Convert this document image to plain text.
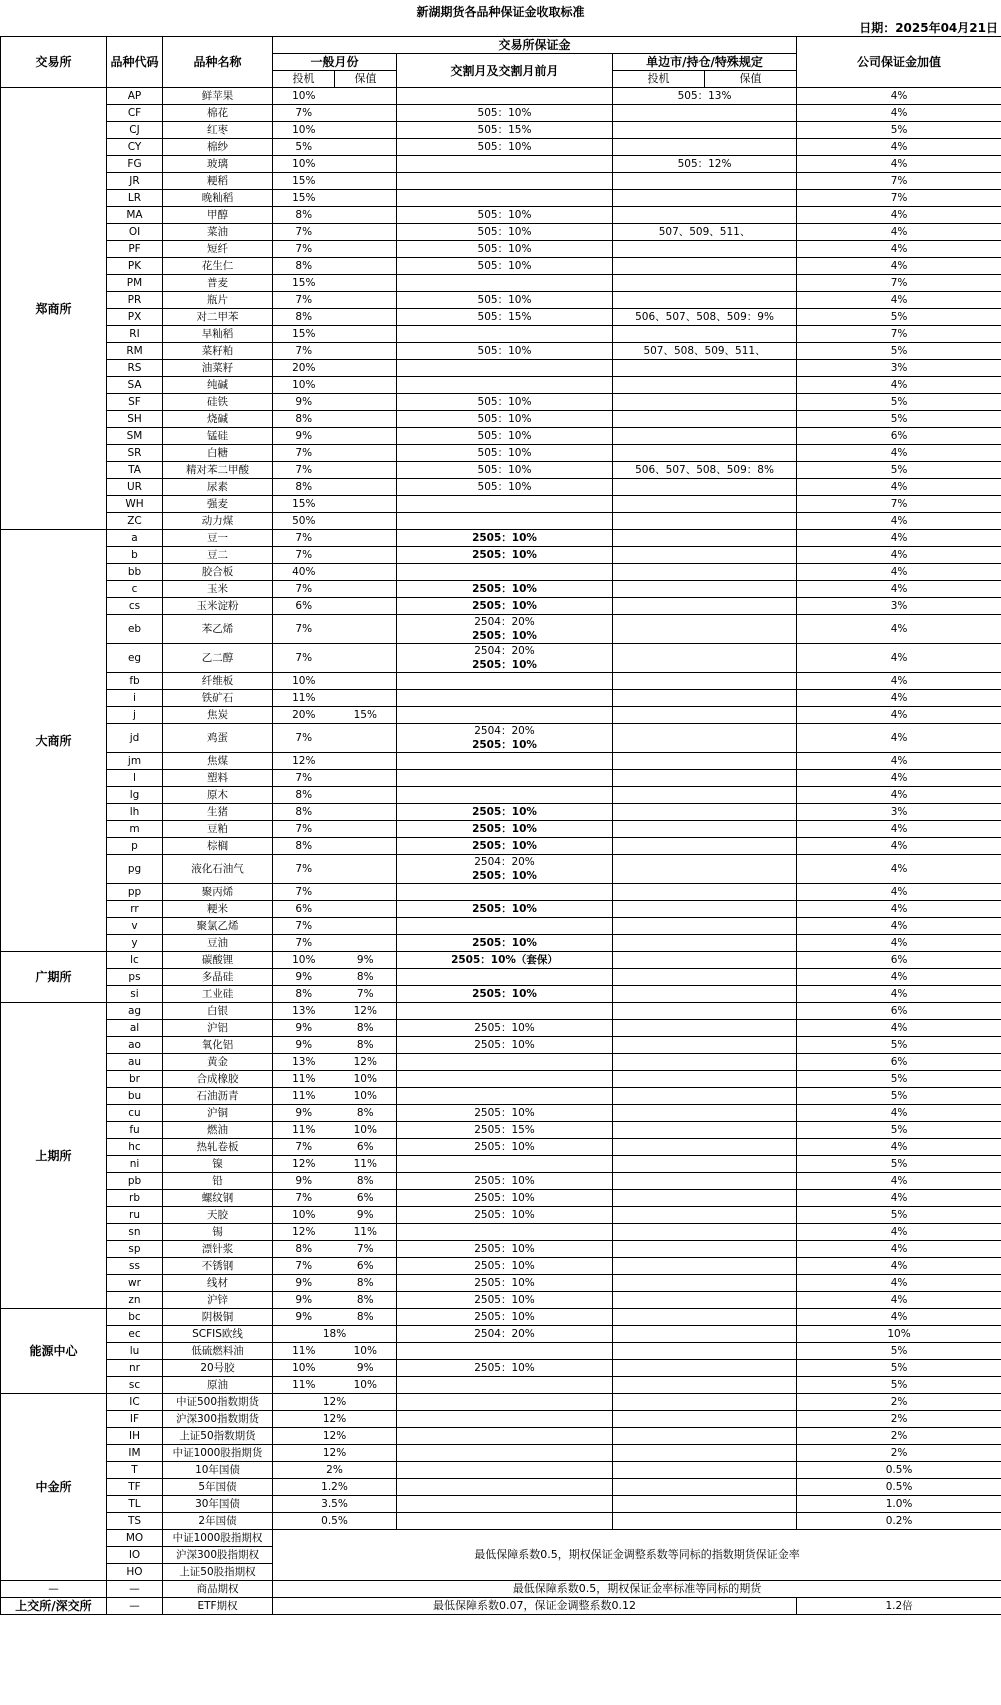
新湖期货各品种保证金收取标准
日期：2025年04月21日
交易所	品种代码	品种名称	交易所保证金					公司保证金加值
			一般月份		交割月及交割月前月	单边市/持仓/特殊规定		
			投机	保值		投机	保值	
郑商所	AP	鲜苹果	10%			505：13%		4%
	CF	棉花	7%		505：10%			4%
	CJ	红枣	10%		505：15%			5%
	CY	棉纱	5%		505：10%			4%
	FG	玻璃	10%			505：12%		4%
	JR	粳稻	15%					7%
	LR	晚籼稻	15%					7%
	MA	甲醇	8%		505：10%			4%
	OI	菜油	7%		505：10%	507、509、511、		4%
	PF	短纤	7%		505：10%			4%
	PK	花生仁	8%		505：10%			4%
	PM	普麦	15%					7%
	PR	瓶片	7%		505：10%			4%
	PX	对二甲苯	8%		505：15%	506、507、508、509：9%		5%
	RI	早籼稻	15%					7%
	RM	菜籽粕	7%		505：10%	507、508、509、511、		5%
	RS	油菜籽	20%					3%
	SA	纯碱	10%					4%
	SF	硅铁	9%		505：10%			5%
	SH	烧碱	8%		505：10%			5%
	SM	锰硅	9%		505：10%			6%
	SR	白糖	7%		505：10%			4%
	TA	精对苯二甲酸	7%		505：10%	506、507、508、509：8%		5%
	UR	尿素	8%		505：10%			4%
	WH	强麦	15%					7%
	ZC	动力煤	50%					4%
大商所	a	豆一	7%		2505：10%			4%
	b	豆二	7%		2505：10%			4%
	bb	胶合板	40%					4%
	c	玉米	7%		2505：10%			4%
	cs	玉米淀粉	6%		2505：10%			3%
	eb	苯乙烯	7%		2504：20%
2505：10%			4%
	eg	乙二醇	7%		2504：20%
2505：10%			4%
	fb	纤维板	10%					4%
	i	铁矿石	11%					4%
	j	焦炭	20%	15%				4%
	jd	鸡蛋	7%		2504：20%
2505：10%			4%
	jm	焦煤	12%					4%
	l	塑料	7%					4%
	lg	原木	8%					4%
	lh	生猪	8%		2505：10%			3%
	m	豆粕	7%		2505：10%			4%
	p	棕榈	8%		2505：10%			4%
	pg	液化石油气	7%		2504：20%
2505：10%			4%
	pp	聚丙烯	7%					4%
	rr	粳米	6%		2505：10%			4%
	v	聚氯乙烯	7%					4%
	y	豆油	7%		2505：10%			4%
广期所	lc	碳酸锂	10%	9%	2505：10%（套保）			6%
	ps	多晶硅	9%	8%				4%
	si	工业硅	8%	7%	2505：10%			4%
上期所	ag	白银	13%	12%				6%
	al	沪铝	9%	8%	2505：10%			4%
	ao	氧化铝	9%	8%	2505：10%			5%
	au	黄金	13%	12%				6%
	br	合成橡胶	11%	10%				5%
	bu	石油沥青	11%	10%				5%
	cu	沪铜	9%	8%	2505：10%			4%
	fu	燃油	11%	10%	2505：15%			5%
	hc	热轧卷板	7%	6%	2505：10%			4%
	ni	镍	12%	11%				5%
	pb	铅	9%	8%	2505：10%			4%
	rb	螺纹钢	7%	6%	2505：10%			4%
	ru	天胶	10%	9%	2505：10%			5%
	sn	锡	12%	11%				4%
	sp	漂针浆	8%	7%	2505：10%			4%
	ss	不锈钢	7%	6%	2505：10%			4%
	wr	线材	9%	8%	2505：10%			4%
	zn	沪锌	9%	8%	2505：10%			4%
能源中心	bc	阴极铜	9%	8%	2505：10%			4%
	ec	SCFIS欧线	18%		2504：20%			10%
	lu	低硫燃料油	11%	10%				5%
	nr	20号胶	10%	9%	2505：10%			5%
	sc	原油	11%	10%				5%
中金所	IC	中证500指数期货	12%					2%
	IF	沪深300指数期货	12%					2%
	IH	上证50指数期货	12%					2%
	IM	中证1000股指期货	12%					2%
	T	10年国债	2%					0.5%
	TF	5年国债	1.2%					0.5%
	TL	30年国债	3.5%					1.0%
	TS	2年国债	0.5%					0.2%
	MO	中证1000股指期权	最低保障系数0.5，期权保证金调整系数等同标的指数期货保证金率					
	IO	沪深300股指期权						
	HO	上证50股指期权						
—	—	商品期权	最低保障系数0.5，期权保证金率标准等同标的期货					
上交所/深交所	—	ETF期权	最低保障系数0.07，保证金调整系数0.12					1.2倍
